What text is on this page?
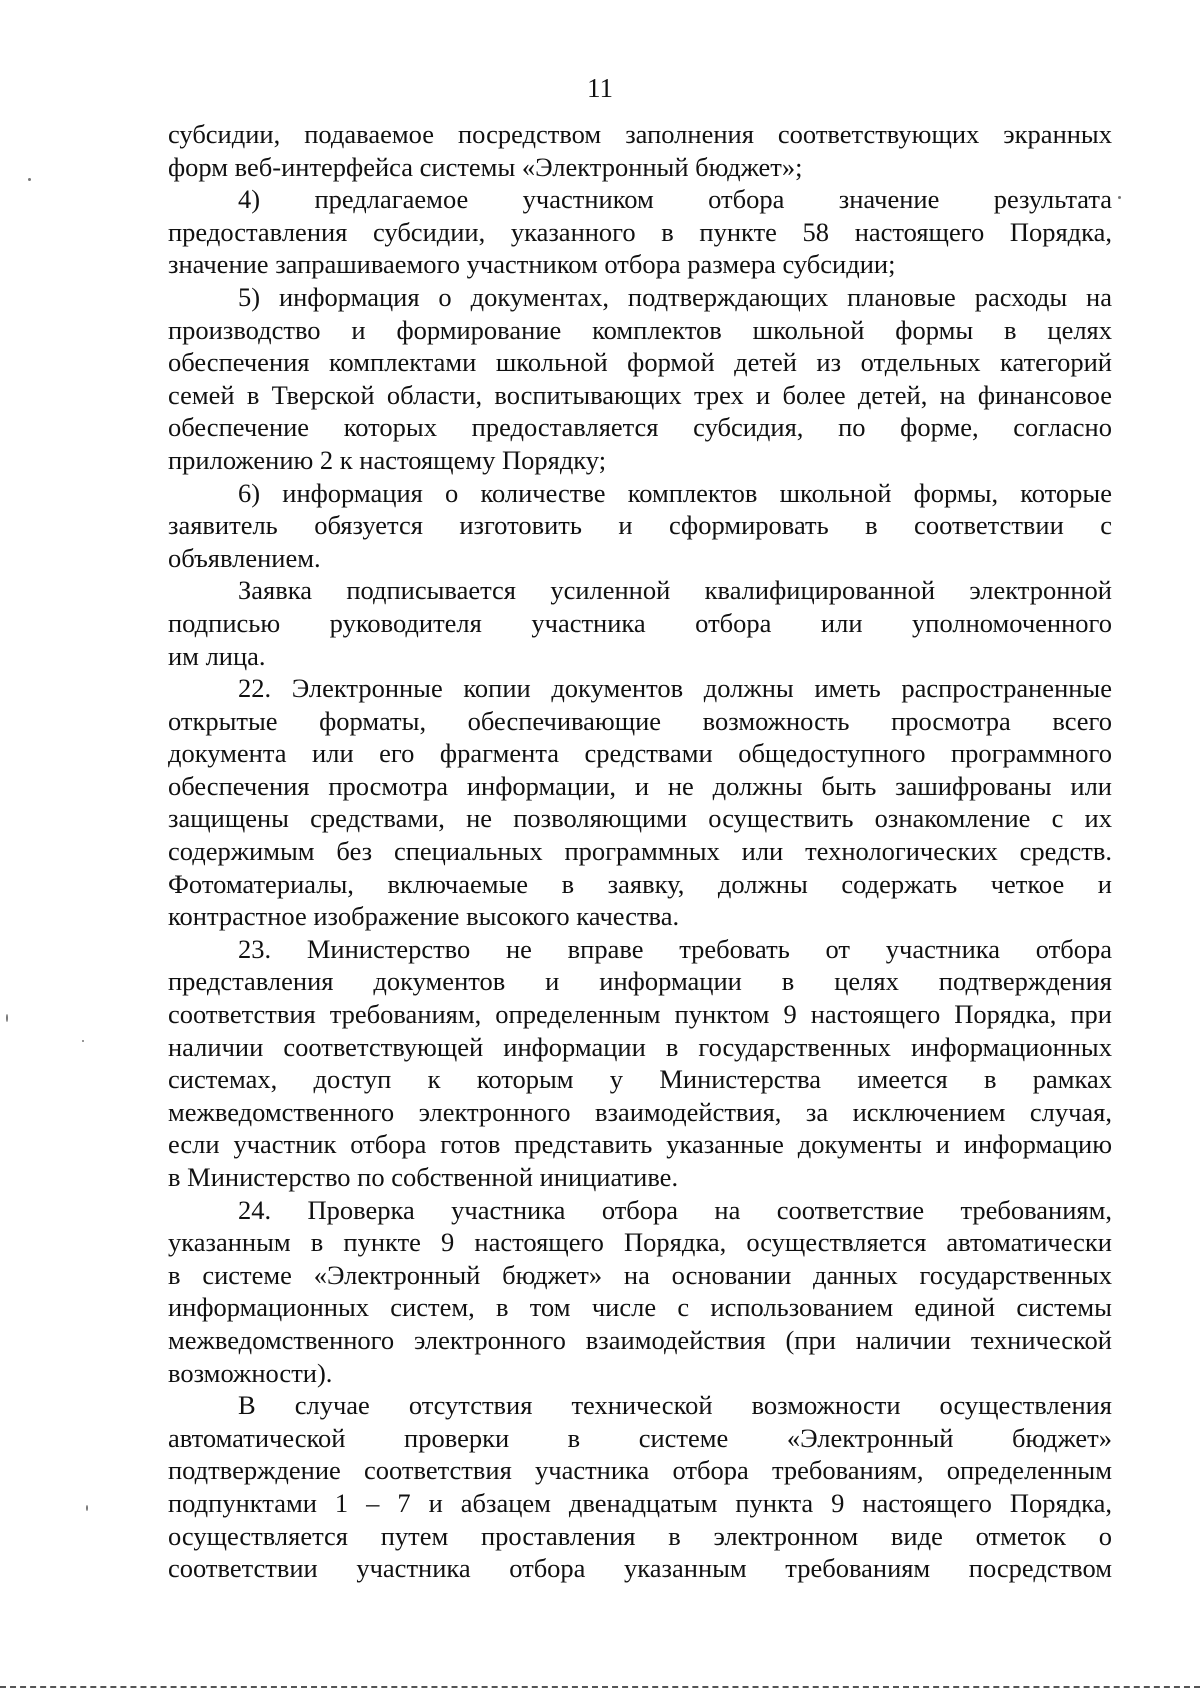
11

субсидии, подаваемое посредством заполнения соответствующих экранных

форм веб-интерфейса системы «Электронный бюджет»;

4) предлагаемое участником отбора значение результата

предоставления субсидии, указанного в пункте 58 настоящего Порядка,

значение запрашиваемого участником отбора размера субсидии;

5) информация о документах, подтверждающих плановые расходы на

производство и формирование комплектов школьной формы в целях

обеспечения комплектами школьной формой детей из отдельных категорий

семей в Тверской области, воспитывающих трех и более детей, на финансовое

обеспечение которых предоставляется субсидия, по форме, согласно

приложению 2 к настоящему Порядку;

6) информация о количестве комплектов школьной формы, которые

заявитель обязуется изготовить и сформировать в соответствии с

объявлением.

Заявка подписывается усиленной квалифицированной электронной

подписью руководителя участника отбора или уполномоченного

им лица.

22. Электронные копии документов должны иметь распространенные

открытые форматы, обеспечивающие возможность просмотра всего

документа или его фрагмента средствами общедоступного программного

обеспечения просмотра информации, и не должны быть зашифрованы или

защищены средствами, не позволяющими осуществить ознакомление с их

содержимым без специальных программных или технологических средств.

Фотоматериалы, включаемые в заявку, должны содержать четкое и

контрастное изображение высокого качества.

23. Министерство не вправе требовать от участника отбора

представления документов и информации в целях подтверждения

соответствия требованиям, определенным пунктом 9 настоящего Порядка, при

наличии соответствующей информации в государственных информационных

системах, доступ к которым у Министерства имеется в рамках

межведомственного электронного взаимодействия, за исключением случая,

если участник отбора готов представить указанные документы и информацию

в Министерство по собственной инициативе.

24. Проверка участника отбора на соответствие требованиям,

указанным в пункте 9 настоящего Порядка, осуществляется автоматически

в системе «Электронный бюджет» на основании данных государственных

информационных систем, в том числе с использованием единой системы

межведомственного электронного взаимодействия (при наличии технической

возможности).

В случае отсутствия технической возможности осуществления

автоматической проверки в системе «Электронный бюджет»

подтверждение соответствия участника отбора требованиям, определенным

подпунктами 1 – 7 и абзацем двенадцатым пункта 9 настоящего Порядка,

осуществляется путем проставления в электронном виде отметок о

соответствии участника отбора указанным требованиям посредством
